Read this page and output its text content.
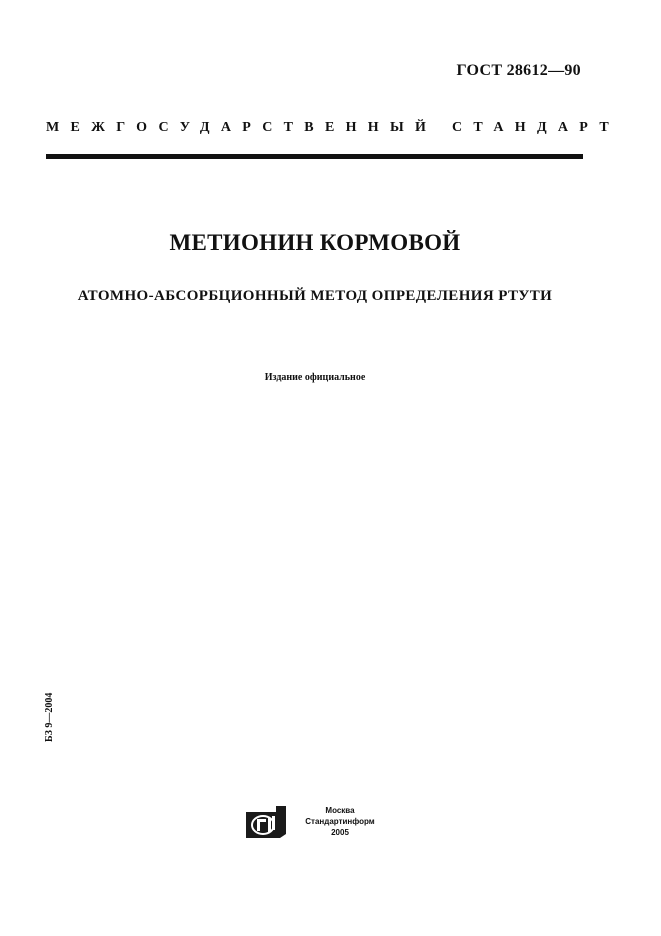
ГОСТ 28612—90
МЕЖГОСУДАРСТВЕННЫЙ СТАНДАРТ
МЕТИОНИН КОРМОВОЙ
АТОМНО-АБСОРБЦИОННЫЙ МЕТОД ОПРЕДЕЛЕНИЯ РТУТИ
Издание официальное
БЗ 9—2004
Москва
Стандартинформ
2005
